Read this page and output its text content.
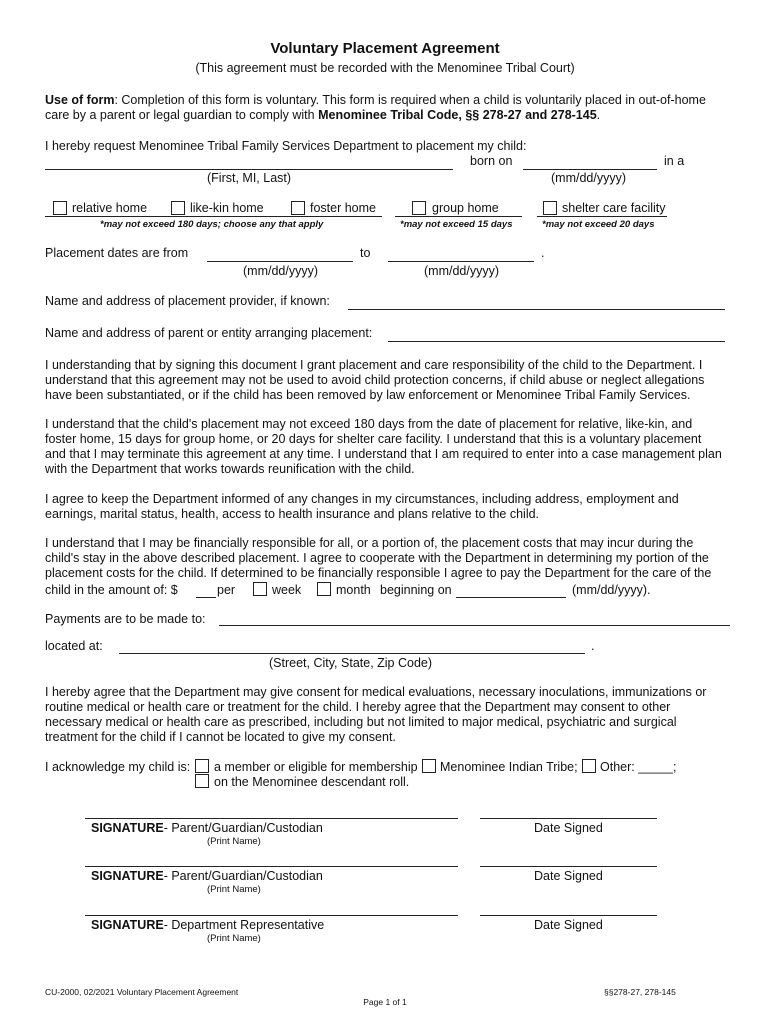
Voluntary Placement Agreement
(This agreement must be recorded with the Menominee Tribal Court)
Use of form: Completion of this form is voluntary. This form is required when a child is voluntarily placed in out-of-home care by a parent or legal guardian to comply with Menominee Tribal Code, §§ 278-27 and 278-145.
I hereby request Menominee Tribal Family Services Department to placement my child:
born on	in a
(First, MI, Last)	(mm/dd/yyyy)
relative home	like-kin home	foster home	group home	shelter care facility
*may not exceed 180 days; choose any that apply	*may not exceed 15 days	*may not exceed 20 days
Placement dates are from	to	.
(mm/dd/yyyy)	(mm/dd/yyyy)
Name and address of placement provider, if known:
Name and address of parent or entity arranging placement:
I understanding that by signing this document I grant placement and care responsibility of the child to the Department. I understand that this agreement may not be used to avoid child protection concerns, if child abuse or neglect allegations have been substantiated, or if the child has been removed by law enforcement or Menominee Tribal Family Services.
I understand that the child's placement may not exceed 180 days from the date of placement for relative, like-kin, and foster home, 15 days for group home, or 20 days for shelter care facility. I understand that this is a voluntary placement and that I may terminate this agreement at any time. I understand that I am required to enter into a case management plan with the Department that works towards reunification with the child.
I agree to keep the Department informed of any changes in my circumstances, including address, employment and earnings, marital status, health, access to health insurance and plans relative to the child.
I understand that I may be financially responsible for all, or a portion of, the placement costs that may incur during the child's stay in the above described placement. I agree to cooperate with the Department in determining my portion of the placement costs for the child. If determined to be financially responsible I agree to pay the Department for the care of the
child in the amount of: $	per	week	month beginning on	(mm/dd/yyyy).
Payments are to be made to:
located at:	.
(Street, City, State, Zip Code)
I hereby agree that the Department may give consent for medical evaluations, necessary inoculations, immunizations or routine medical or health care or treatment for the child. I hereby agree that the Department may consent to other necessary medical or health care as prescribed, including but not limited to major medical, psychiatric and surgical treatment for the child if I cannot be located to give my consent.
I acknowledge my child is: a member or eligible for membership Menominee Indian Tribe; Other: _____;
on the Menominee descendant roll.
SIGNATURE- Parent/Guardian/Custodian
(Print Name)
Date Signed
SIGNATURE- Parent/Guardian/Custodian
(Print Name)
Date Signed
SIGNATURE- Department Representative
(Print Name)
Date Signed
CU-2000, 02/2021 Voluntary Placement Agreement	§§278-27, 278-145
Page 1 of 1
